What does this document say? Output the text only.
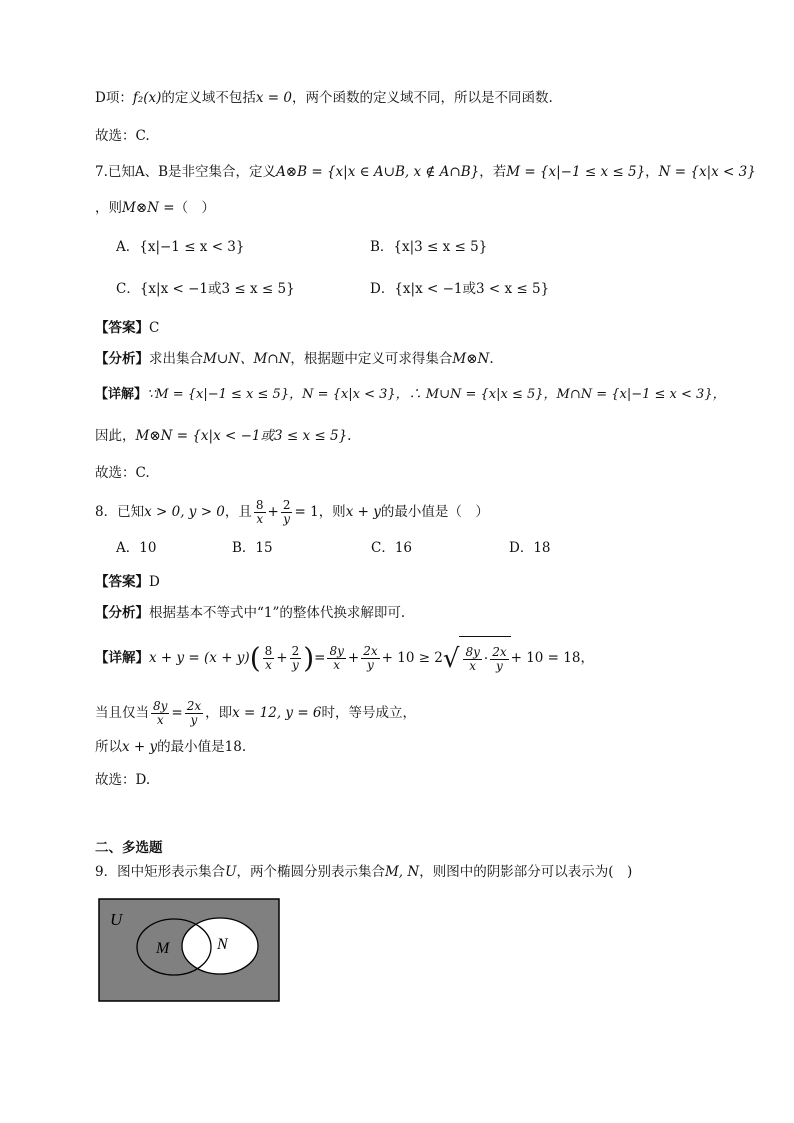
D项：f₂(x)的定义域不包括x = 0，两个函数的定义域不同，所以是不同函数.
故选：C.
7.已知A、B是非空集合，定义A⊗B = {x|x ∈ A∪B, x ∉ A∩B}，若M = {x|−1 ≤ x ≤ 5}，N = {x|x < 3}
，则M⊗N =（　）
A．{x|−1 ≤ x < 3}	B．{x|3 ≤ x ≤ 5}
C．{x|x < −1或3 ≤ x ≤ 5}	D．{x|x < −1或3 < x ≤ 5}
【答案】C
【分析】求出集合M∪N、M∩N，根据题中定义可求得集合M⊗N.
【详解】∵M = {x|−1 ≤ x ≤ 5}，N = {x|x < 3}，∴ M∪N = {x|x ≤ 5}，M∩N = {x|−1 ≤ x < 3}，
因此，M⊗N = {x|x < −1或3 ≤ x ≤ 5}.
故选：C.
8．已知x > 0, y > 0，且 $\frac{8}{x} + \frac{2}{y} = 1$，则x + y的最小值是（　）
A．10	B．15	C．16	D．18
【答案】D
【分析】根据基本不等式中“1”的整体代换求解即可.
【详解】$x + y = (x + y)( \frac{8}{x} + \frac{2}{y}$ )= $\frac{8y}{x} + \frac{2x}{y} + 10 \ge 2$ √ $\frac{8y}{x} \cdot \frac{2x}{y} + 10 = 18$，
当且仅当 $\frac{8y}{x} = \frac{2x}{y}$ ，即x = 12, y = 6时，等号成立，
所以x + y的最小值是18.
故选：D.
二、多选题
9．图中矩形表示集合U，两个椭圆分别表示集合M, N，则图中的阴影部分可以表示为(　)
U
M	N
